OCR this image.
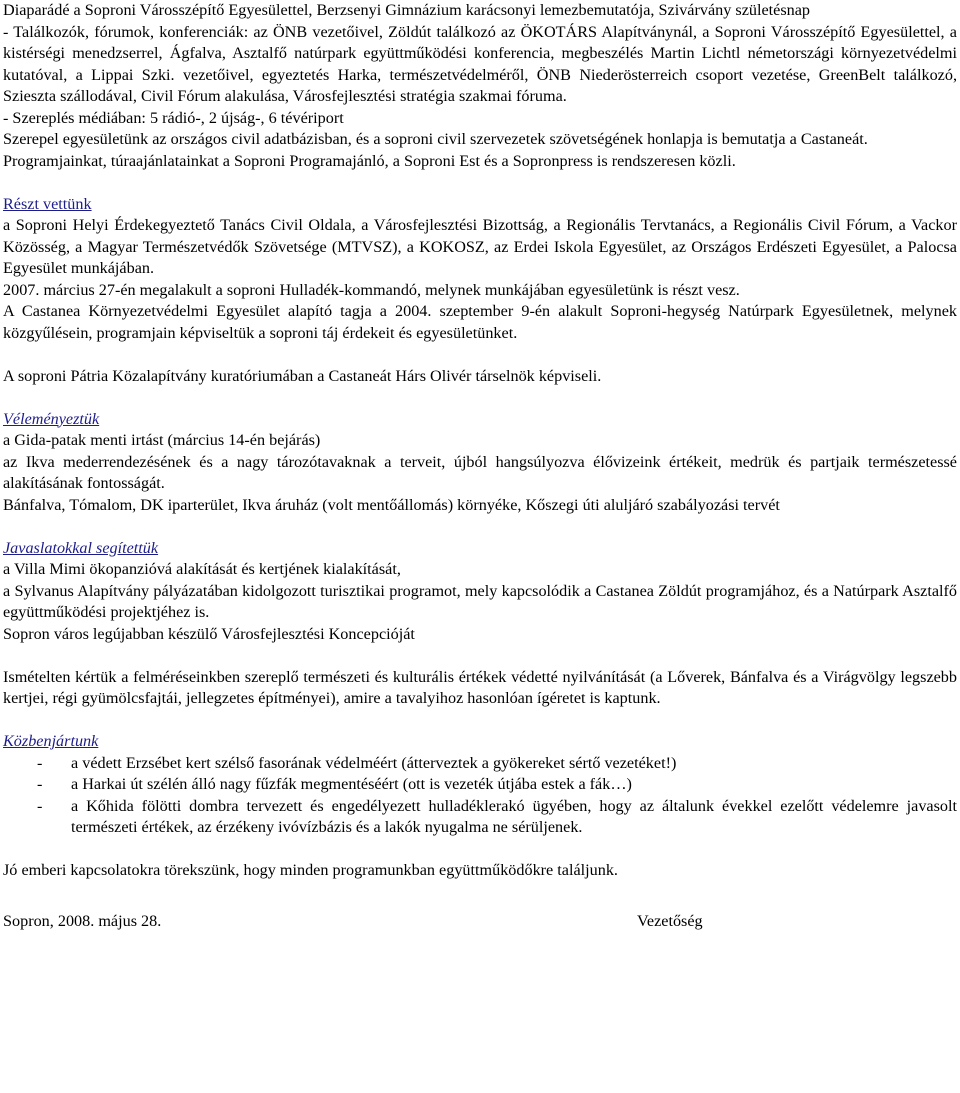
Diaparádé a Soproni Városszépítő Egyesülettel, Berzsenyi Gimnázium karácsonyi lemezbemutatója, Szivárvány születésnap

- Találkozók, fórumok, konferenciák: az ÖNB vezetőivel, Zöldút találkozó az ÖKOTÁRS Alapítványnál, a Soproni Városszépítő Egyesülettel, a kistérségi menedzserrel, Ágfalva, Asztalfő natúrpark együttműködési konferencia, megbeszélés Martin Lichtl németországi környezetvédelmi kutatóval, a Lippai Szki. vezetőivel, egyeztetés Harka, természetvédelméről, ÖNB Niederösterreich csoport vezetése, GreenBelt találkozó, Szieszta szállodával, Civil Fórum alakulása, Városfejlesztési stratégia szakmai fóruma.

- Szereplés médiában: 5 rádió-, 2 újság-, 6 tévériport

Szerepel egyesületünk az országos civil adatbázisban, és a soproni civil szervezetek szövetségének honlapja is bemutatja a Castaneát.

Programjainkat, túraajánlatainkat a Soproni Programajánló, a Soproni Est és a Sopronpress is rendszeresen közli.

Részt vettünk

a Soproni Helyi Érdekegyeztető Tanács Civil Oldala, a Városfejlesztési Bizottság, a Regionális Tervtanács, a Regionális Civil Fórum, a Vackor Közösség, a Magyar Természetvédők Szövetsége (MTVSZ), a KOKOSZ, az Erdei Iskola Egyesület, az Országos Erdészeti Egyesület, a Palocsa Egyesület munkájában.

2007. március 27-én megalakult a soproni Hulladék-kommandó, melynek munkájában egyesületünk is részt vesz.

A Castanea Környezetvédelmi Egyesület alapító tagja a 2004. szeptember 9-én alakult Soproni-hegység Natúrpark Egyesületnek, melynek közgyűlésein, programjain képviseltük a soproni táj érdekeit és egyesületünket.

A soproni Pátria Közalapítvány kuratóriumában a Castaneát Hárs Olivér társelnök képviseli.

Véleményeztük

a Gida-patak menti irtást (március 14-én bejárás)

az Ikva mederrendezésének és a nagy tározótavaknak a terveit, újból hangsúlyozva élővizeink értékeit, medrük és partjaik természetessé alakításának fontosságát.

Bánfalva, Tómalom, DK iparterület, Ikva áruház (volt mentőállomás) környéke, Kőszegi úti aluljáró szabályozási tervét

Javaslatokkal segítettük

a Villa Mimi ökopanzióvá alakítását és kertjének kialakítását,

a Sylvanus Alapítvány pályázatában kidolgozott turisztikai programot, mely kapcsolódik a Castanea Zöldút programjához, és a Natúrpark Asztalfő együttműködési projektjéhez is.

Sopron város legújabban készülő Városfejlesztési Koncepcióját

Ismételten kértük a felméréseinkben szereplő természeti és kulturális értékek védetté nyilvánítását (a Lőverek, Bánfalva és a Virágvölgy legszebb kertjei, régi gyümölcsfajtái, jellegzetes építményei), amire a tavalyihoz hasonlóan ígéretet is kaptunk.

Közbenjártunk

- a védett Erzsébet kert szélső fasorának védelméért (átterveztek a gyökereket sértő vezetéket!)
- a Harkai út szélén álló nagy fűzfák megmentéséért (ott is vezeték útjába estek a fák…)
- a Kőhida fölötti dombra tervezett és engedélyezett hulladéklerakó ügyében, hogy az általunk évekkel ezelőtt védelemre javasolt természeti értékek, az érzékeny ivóvízbázis és a lakók nyugalma ne sérüljenek.

Jó emberi kapcsolatokra törekszünk, hogy minden programunkban együttműködőkre találjunk.

Sopron, 2008. május 28.	Vezetőség
